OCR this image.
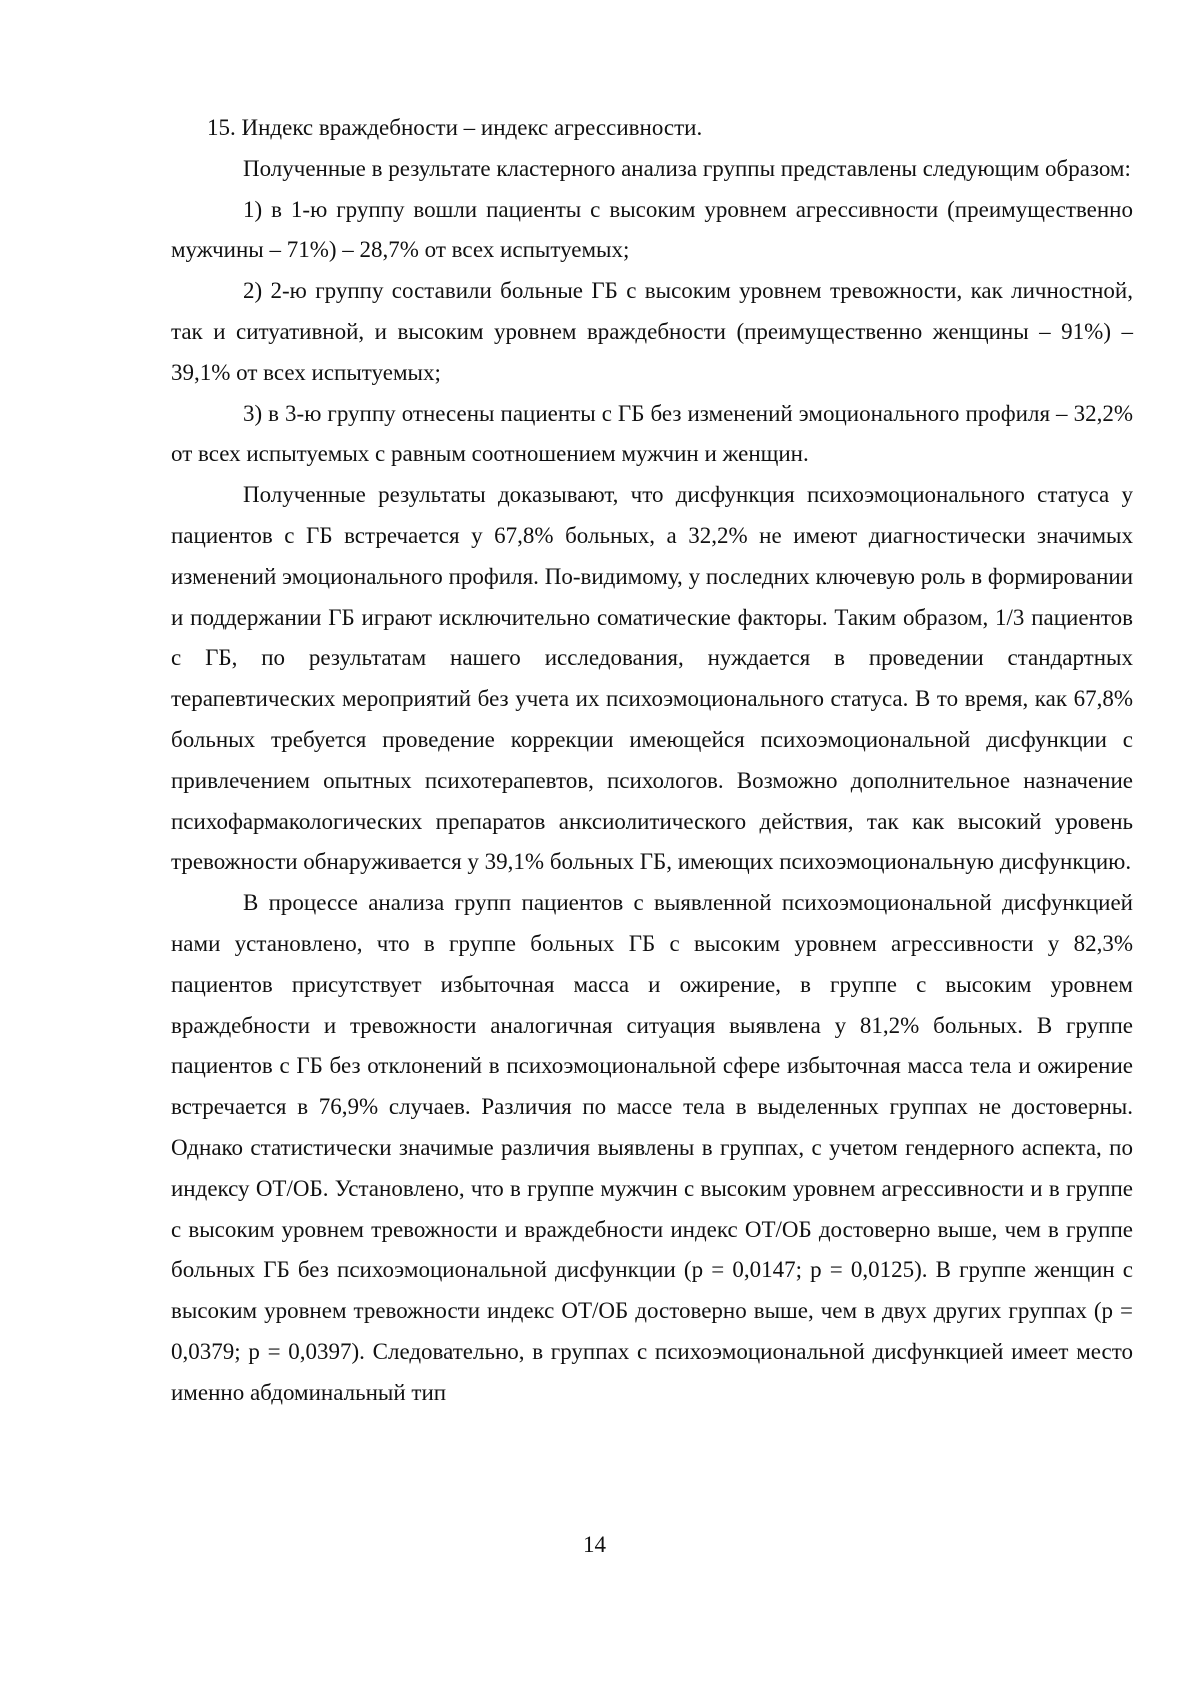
15. Индекс враждебности – индекс агрессивности.

Полученные в результате кластерного анализа группы представлены следующим образом:

1) в 1-ю группу вошли пациенты с высоким уровнем агрессивности (преимущественно мужчины – 71%) – 28,7% от всех испытуемых;

2) 2-ю группу составили больные ГБ с высоким уровнем тревожности, как личностной, так и ситуативной, и высоким уровнем враждебности (преимущественно женщины – 91%) – 39,1% от всех испытуемых;

3) в 3-ю группу отнесены пациенты с ГБ без изменений эмоционального профиля – 32,2% от всех испытуемых с равным соотношением мужчин и женщин.

Полученные результаты доказывают, что дисфункция психоэмоционального статуса у пациентов с ГБ встречается у 67,8% больных, а 32,2% не имеют диагностически значимых изменений эмоционального профиля. По-видимому, у последних ключевую роль в формировании и поддержании ГБ играют исключительно соматические факторы. Таким образом, 1/3 пациентов с ГБ, по результатам нашего исследования, нуждается в проведении стандартных терапевтических мероприятий без учета их психоэмоционального статуса. В то время, как 67,8% больных требуется проведение коррекции имеющейся психоэмоциональной дисфункции с привлечением опытных психотерапевтов, психологов. Возможно дополнительное назначение психофармакологических препаратов анксиолитического действия, так как высокий уровень тревожности обнаруживается у 39,1% больных ГБ, имеющих психоэмоциональную дисфункцию.

В процессе анализа групп пациентов с выявленной психоэмоциональной дисфункцией нами установлено, что в группе больных ГБ с высоким уровнем агрессивности у 82,3% пациентов присутствует избыточная масса и ожирение, в группе с высоким уровнем враждебности и тревожности аналогичная ситуация выявлена у 81,2% больных. В группе пациентов с ГБ без отклонений в психоэмоциональной сфере избыточная масса тела и ожирение встречается в 76,9% случаев. Различия по массе тела в выделенных группах не достоверны. Однако статистически значимые различия выявлены в группах, с учетом гендерного аспекта, по индексу ОТ/ОБ. Установлено, что в группе мужчин с высоким уровнем агрессивности и в группе с высоким уровнем тревожности и враждебности индекс ОТ/ОБ достоверно выше, чем в группе больных ГБ без психоэмоциональной дисфункции (p = 0,0147; p = 0,0125). В группе женщин с высоким уровнем тревожности индекс ОТ/ОБ достоверно выше, чем в двух других группах (p = 0,0379; p = 0,0397). Следовательно, в группах с психоэмоциональной дисфункцией имеет место именно абдоминальный тип

14
